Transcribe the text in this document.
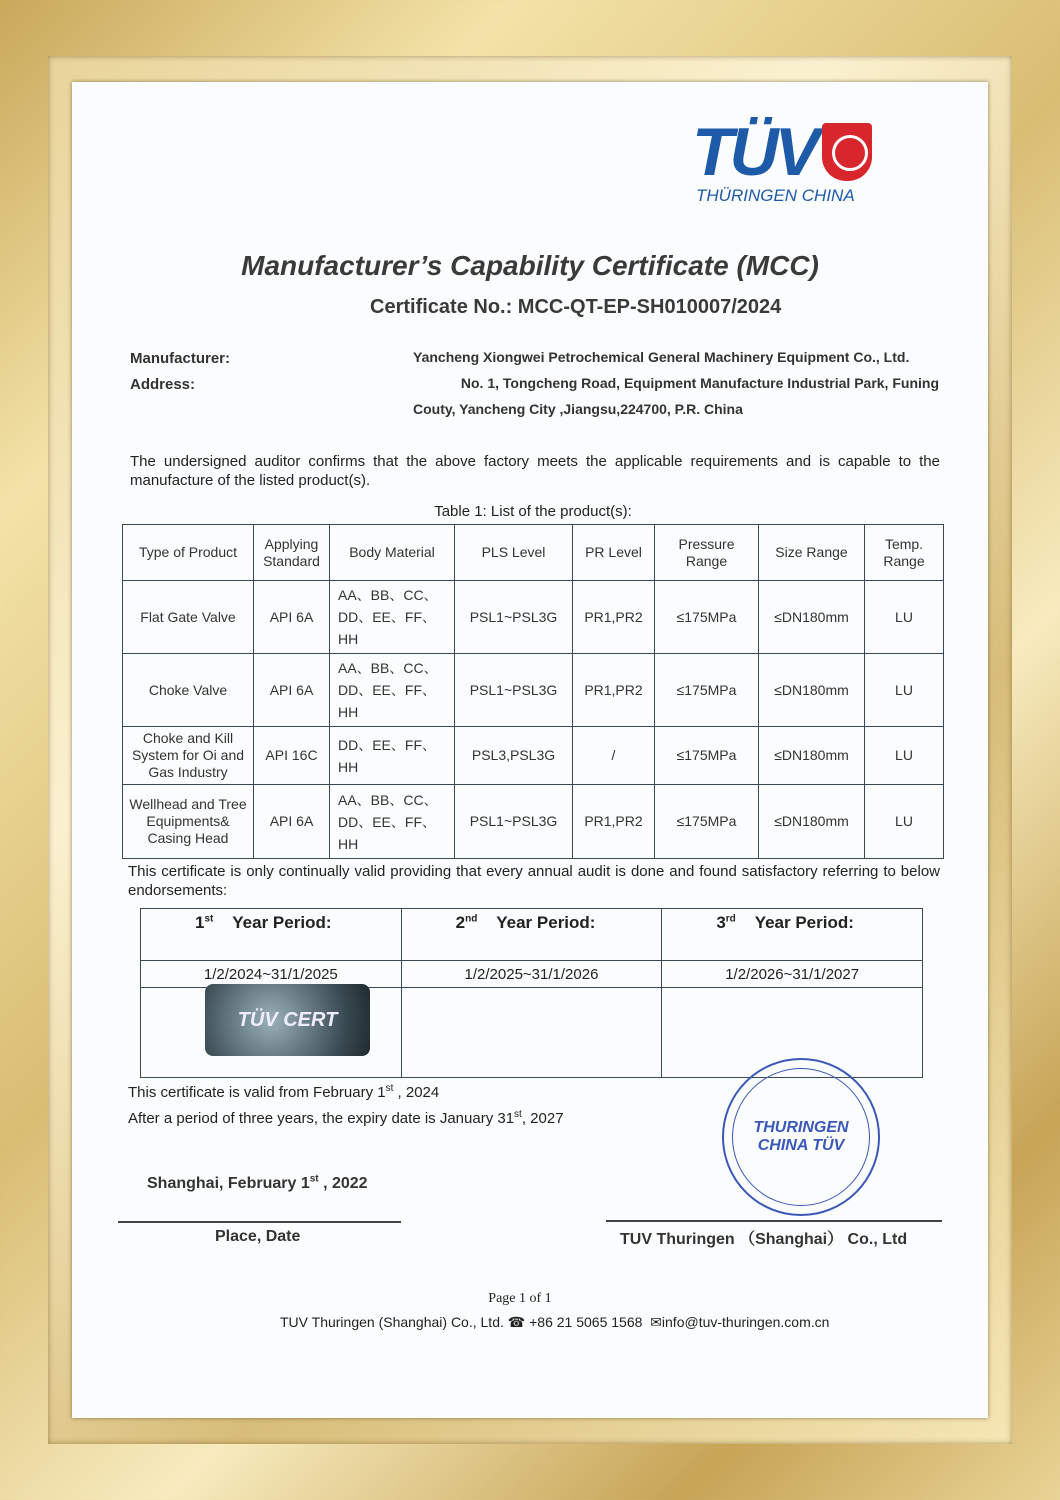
TÜV
THÜRINGEN CHINA
Manufacturer’s Capability Certificate (MCC)
Certificate No.: MCC-QT-EP-SH010007/2024
Manufacturer:	Yancheng Xiongwei Petrochemical General Machinery Equipment Co., Ltd.
Address:	No. 1, Tongcheng Road, Equipment Manufacture Industrial Park, Funing
Couty, Yancheng City ,Jiangsu,224700, P.R. China
The undersigned auditor confirms that the above factory meets the applicable requirements and is capable to the manufacture of the listed product(s).
Table 1: List of the product(s):
Type of Product	Applying Standard	Body Material	PLS Level	PR Level	Pressure Range	Size Range	Temp. Range
Flat Gate Valve	API 6A	AA、BB、CC、DD、EE、FF、HH	PSL1~PSL3G	PR1,PR2	≤175MPa	≤DN180mm	LU
Choke Valve	API 6A	AA、BB、CC、DD、EE、FF、HH	PSL1~PSL3G	PR1,PR2	≤175MPa	≤DN180mm	LU
Choke and Kill System for Oi and Gas Industry	API 16C	DD、EE、FF、HH	PSL3,PSL3G	/	≤175MPa	≤DN180mm	LU
Wellhead and Tree Equipments& Casing Head	API 6A	AA、BB、CC、DD、EE、FF、HH	PSL1~PSL3G	PR1,PR2	≤175MPa	≤DN180mm	LU
This certificate is only continually valid providing that every annual audit is done and found satisfactory referring to below endorsements:
1st Year Period:	2nd Year Period:	3rd Year Period:
1/2/2024~31/1/2025	1/2/2025~31/1/2026	1/2/2026~31/1/2027

TÜV CERT		

This certificate is valid from February 1st , 2024
After a period of three years, the expiry date is January 31st, 2027
Shanghai, February 1st , 2022
Place, Date
THURINGEN CHINA TÜV
TUV Thuringen （Shanghai） Co., Ltd
Page 1 of 1
TUV Thuringen (Shanghai) Co., Ltd. ☎ +86 21 5065 1568  ✉info@tuv-thuringen.com.cn
